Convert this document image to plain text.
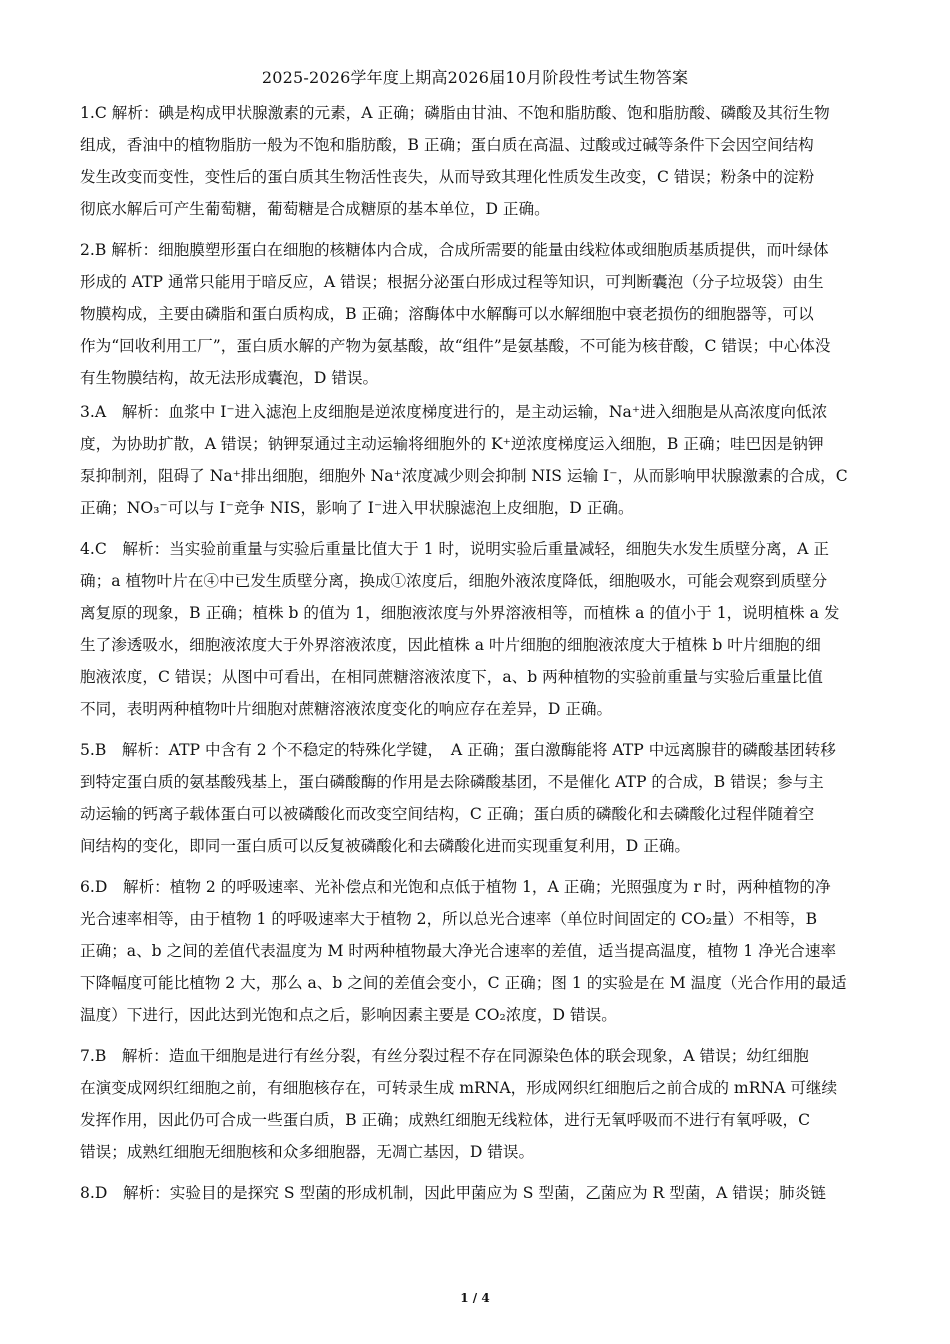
2025-2026学年度上期高2026届10月阶段性考试生物答案
1.C 解析：碘是构成甲状腺激素的元素，A 正确；磷脂由甘油、不饱和脂肪酸、饱和脂肪酸、磷酸及其衍生物
组成，香油中的植物脂肪一般为不饱和脂肪酸，B 正确；蛋白质在高温、过酸或过碱等条件下会因空间结构
发生改变而变性，变性后的蛋白质其生物活性丧失，从而导致其理化性质发生改变，C 错误；粉条中的淀粉
彻底水解后可产生葡萄糖，葡萄糖是合成糖原的基本单位，D 正确。
2.B 解析：细胞膜塑形蛋白在细胞的核糖体内合成，合成所需要的能量由线粒体或细胞质基质提供，而叶绿体
形成的 ATP 通常只能用于暗反应，A 错误；根据分泌蛋白形成过程等知识，可判断囊泡（分子垃圾袋）由生
物膜构成，主要由磷脂和蛋白质构成，B 正确；溶酶体中水解酶可以水解细胞中衰老损伤的细胞器等，可以
作为“回收利用工厂”，蛋白质水解的产物为氨基酸，故“组件”是氨基酸，不可能为核苷酸，C 错误；中心体没
有生物膜结构，故无法形成囊泡，D 错误。
3.A　解析：血浆中 I⁻进入滤泡上皮细胞是逆浓度梯度进行的，是主动运输，Na⁺进入细胞是从高浓度向低浓
度，为协助扩散，A 错误；钠钾泵通过主动运输将细胞外的 K⁺逆浓度梯度运入细胞，B 正确；哇巴因是钠钾
泵抑制剂，阻碍了 Na⁺排出细胞，细胞外 Na⁺浓度减少则会抑制 NIS 运输 I⁻，从而影响甲状腺激素的合成，C
正确；NO₃⁻可以与 I⁻竞争 NIS，影响了 I⁻进入甲状腺滤泡上皮细胞，D 正确。
4.C　解析：当实验前重量与实验后重量比值大于 1 时，说明实验后重量减轻，细胞失水发生质壁分离，A 正
确；a 植物叶片在④中已发生质壁分离，换成①浓度后，细胞外液浓度降低，细胞吸水，可能会观察到质壁分
离复原的现象，B 正确；植株 b 的值为 1，细胞液浓度与外界溶液相等，而植株 a 的值小于 1，说明植株 a 发
生了渗透吸水，细胞液浓度大于外界溶液浓度，因此植株 a 叶片细胞的细胞液浓度大于植株 b 叶片细胞的细
胞液浓度，C 错误；从图中可看出，在相同蔗糖溶液浓度下，a、b 两种植物的实验前重量与实验后重量比值
不同，表明两种植物叶片细胞对蔗糖溶液浓度变化的响应存在差异，D 正确。
5.B　解析：ATP 中含有 2 个不稳定的特殊化学键，　A 正确；蛋白激酶能将 ATP 中远离腺苷的磷酸基团转移
到特定蛋白质的氨基酸残基上，蛋白磷酸酶的作用是去除磷酸基团，不是催化 ATP 的合成，B 错误；参与主
动运输的钙离子载体蛋白可以被磷酸化而改变空间结构，C 正确；蛋白质的磷酸化和去磷酸化过程伴随着空
间结构的变化，即同一蛋白质可以反复被磷酸化和去磷酸化进而实现重复利用，D 正确。
6.D　解析：植物 2 的呼吸速率、光补偿点和光饱和点低于植物 1，A 正确；光照强度为 r 时，两种植物的净
光合速率相等，由于植物 1 的呼吸速率大于植物 2，所以总光合速率（单位时间固定的 CO₂量）不相等，B
正确；a、b 之间的差值代表温度为 M 时两种植物最大净光合速率的差值，适当提高温度，植物 1 净光合速率
下降幅度可能比植物 2 大，那么 a、b 之间的差值会变小，C 正确；图 1 的实验是在 M 温度（光合作用的最适
温度）下进行，因此达到光饱和点之后，影响因素主要是 CO₂浓度，D 错误。
7.B　解析：造血干细胞是进行有丝分裂，有丝分裂过程不存在同源染色体的联会现象，A 错误；幼红细胞
在演变成网织红细胞之前，有细胞核存在，可转录生成 mRNA，形成网织红细胞后之前合成的 mRNA 可继续
发挥作用，因此仍可合成一些蛋白质，B 正确；成熟红细胞无线粒体，进行无氧呼吸而不进行有氧呼吸，C
错误；成熟红细胞无细胞核和众多细胞器，无凋亡基因，D 错误。
8.D　解析：实验目的是探究 S 型菌的形成机制，因此甲菌应为 S 型菌，乙菌应为 R 型菌，A 错误；肺炎链
1 / 4
